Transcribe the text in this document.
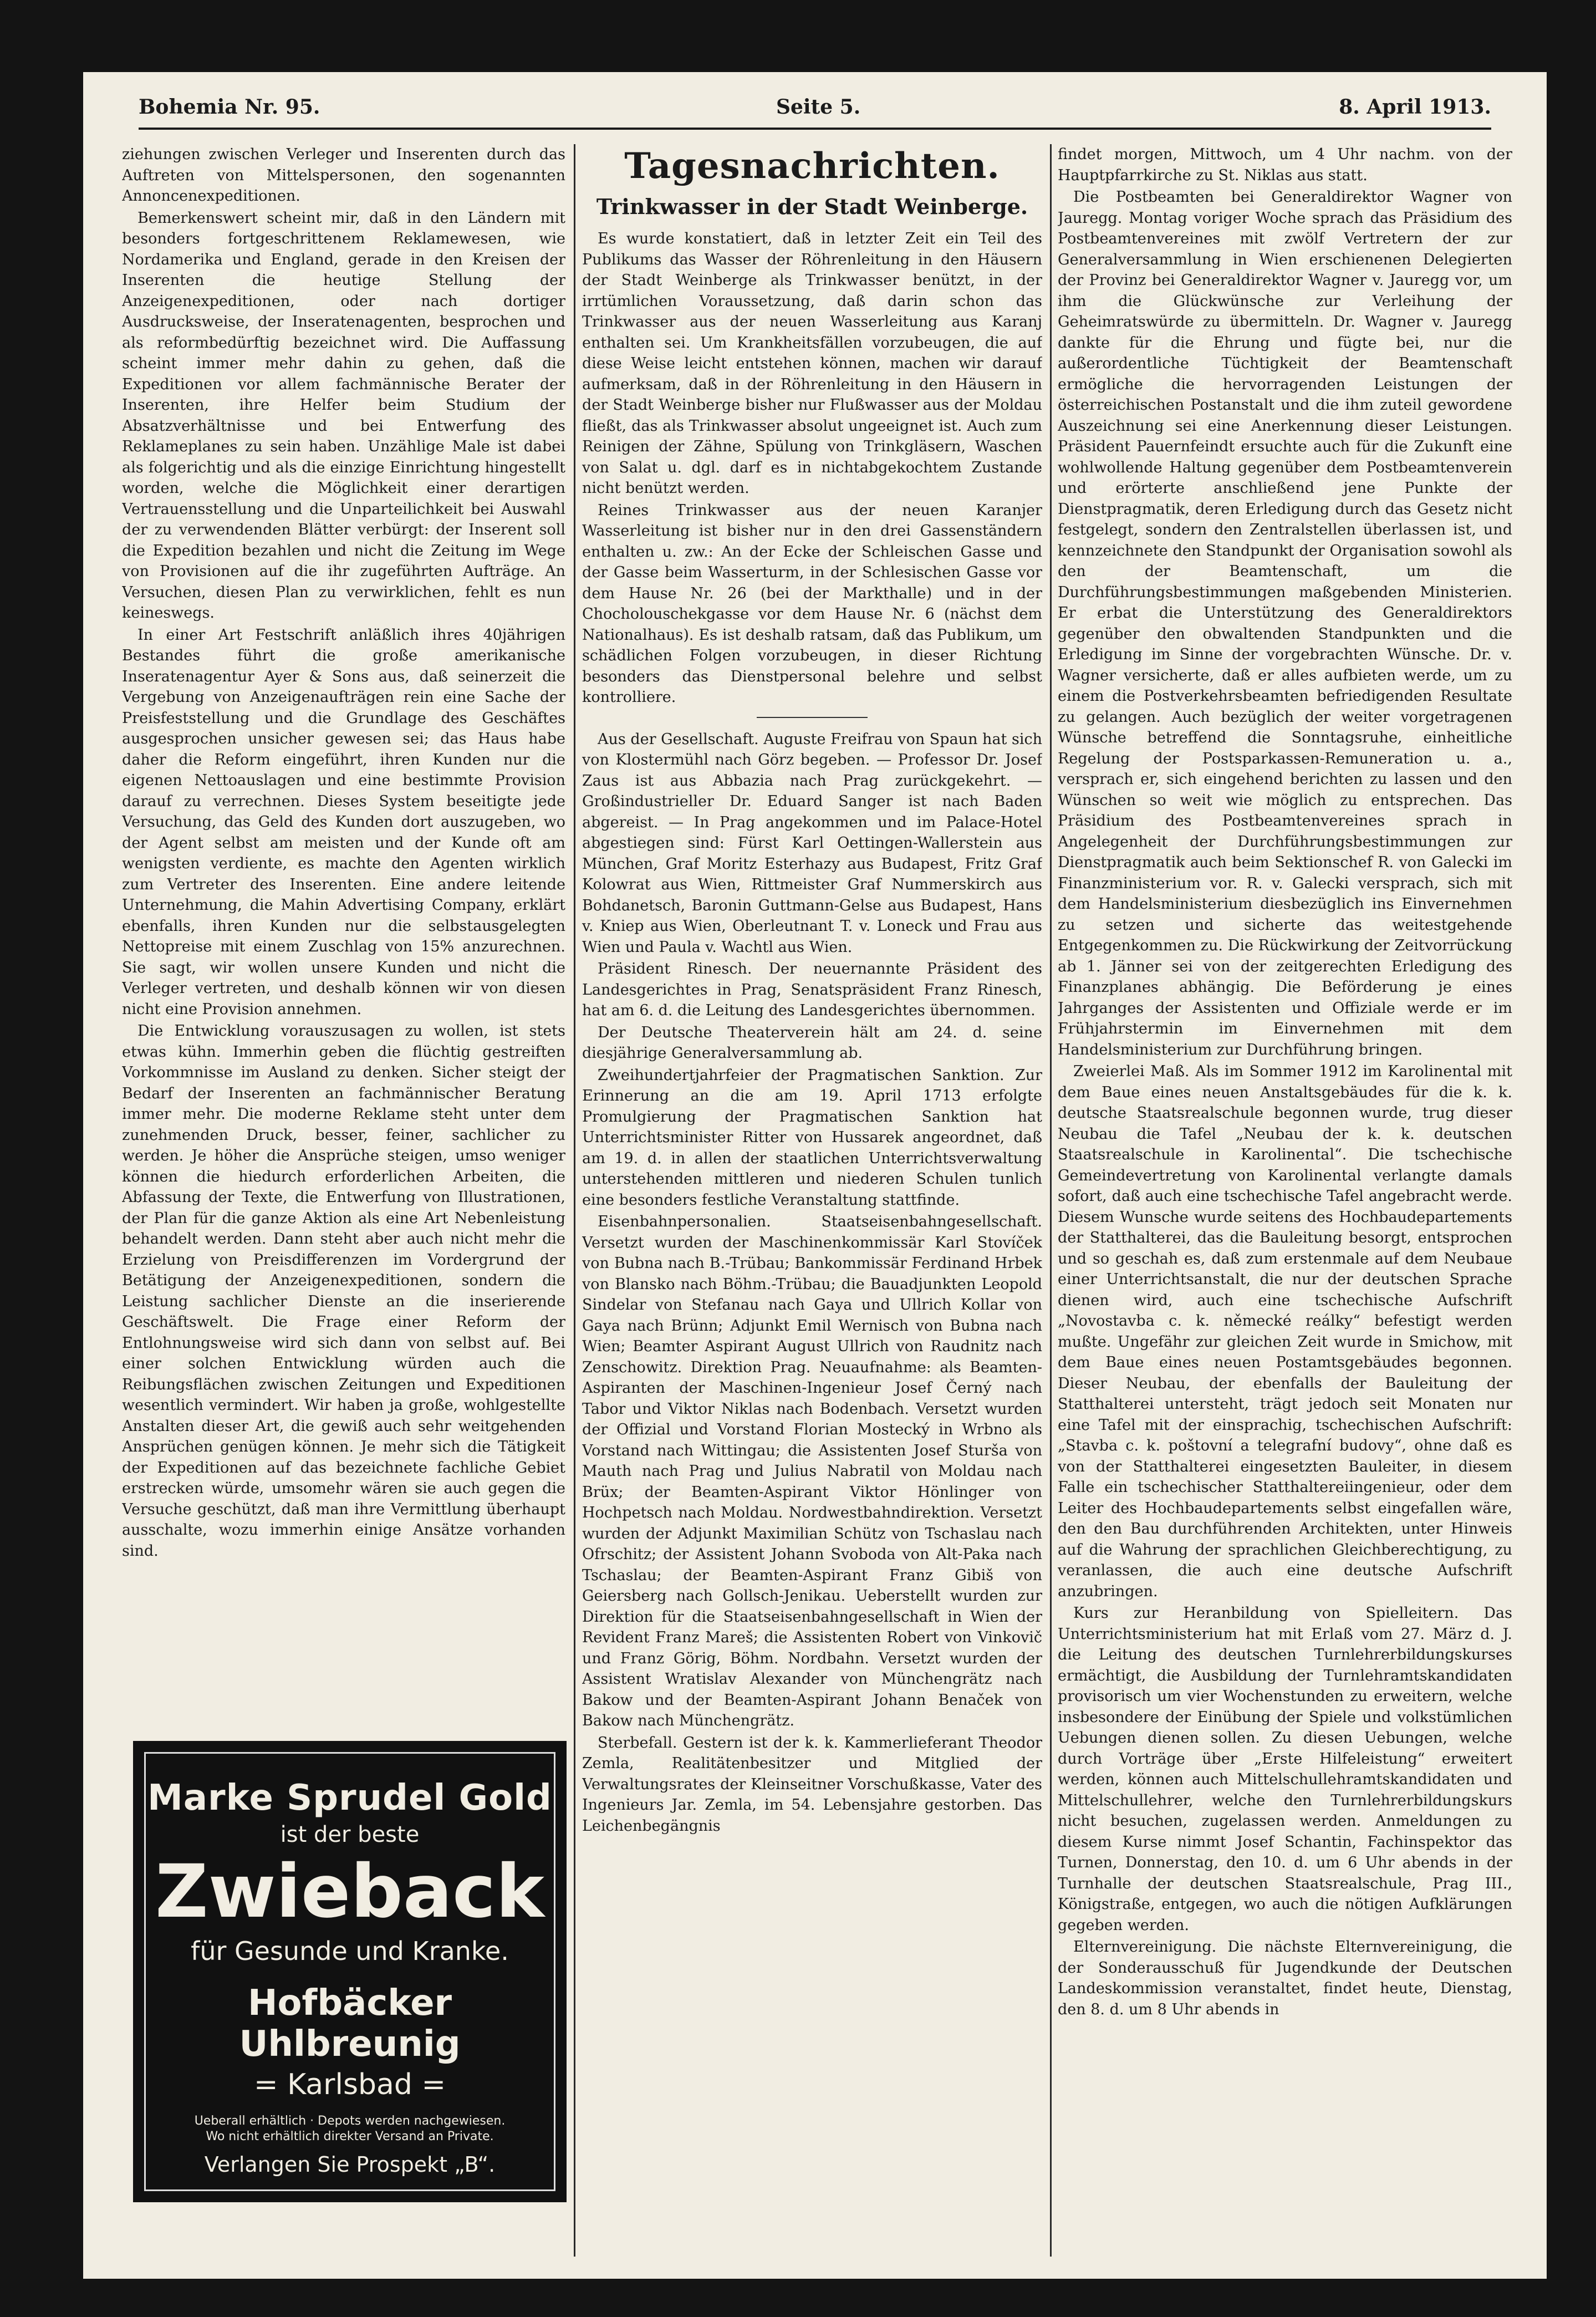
Bohemia Nr. 95.	Seite 5.	8. April 1913.

ziehungen zwischen Verleger und Inserenten durch das Auftreten von Mittelspersonen, den sogenannten Annoncenexpeditionen.

Bemerkenswert scheint mir, daß in den Ländern mit besonders fortgeschrittenem Reklamewesen, wie Nordamerika und England, gerade in den Kreisen der Inserenten die heutige Stellung der Anzeigenexpeditionen, oder nach dortiger Ausdrucksweise, der Inseratenagenten, besprochen und als reformbedürftig bezeichnet wird. Die Auffassung scheint immer mehr dahin zu gehen, daß die Expeditionen vor allem fachmännische Berater der Inserenten, ihre Helfer beim Studium der Absatzverhältnisse und bei Entwerfung des Reklameplanes zu sein haben. Unzählige Male ist dabei als folgerichtig und als die einzige Einrichtung hingestellt worden, welche die Möglichkeit einer derartigen Vertrauensstellung und die Unparteilichkeit bei Auswahl der zu verwendenden Blätter verbürgt: der Inserent soll die Expedition bezahlen und nicht die Zeitung im Wege von Provisionen auf die ihr zugeführten Aufträge. An Versuchen, diesen Plan zu verwirklichen, fehlt es nun keineswegs.

In einer Art Festschrift anläßlich ihres 40jährigen Bestandes führt die große amerikanische Inseratenagentur Ayer & Sons aus, daß seinerzeit die Vergebung von Anzeigenaufträgen rein eine Sache der Preisfeststellung und die Grundlage des Geschäftes ausgesprochen unsicher gewesen sei; das Haus habe daher die Reform eingeführt, ihren Kunden nur die eigenen Nettoauslagen und eine bestimmte Provision darauf zu verrechnen. Dieses System beseitigte jede Versuchung, das Geld des Kunden dort auszugeben, wo der Agent selbst am meisten und der Kunde oft am wenigsten verdiente, es machte den Agenten wirklich zum Vertreter des Inserenten. Eine andere leitende Unternehmung, die Mahin Advertising Company, erklärt ebenfalls, ihren Kunden nur die selbstausgelegten Nettopreise mit einem Zuschlag von 15% anzurechnen. Sie sagt, wir wollen unsere Kunden und nicht die Verleger vertreten, und deshalb können wir von diesen nicht eine Provision annehmen.

Die Entwicklung vorauszusagen zu wollen, ist stets etwas kühn. Immerhin geben die flüchtig gestreiften Vorkommnisse im Ausland zu denken. Sicher steigt der Bedarf der Inserenten an fachmännischer Beratung immer mehr. Die moderne Reklame steht unter dem zunehmenden Druck, besser, feiner, sachlicher zu werden. Je höher die Ansprüche steigen, umso weniger können die hiedurch erforderlichen Arbeiten, die Abfassung der Texte, die Entwerfung von Illustrationen, der Plan für die ganze Aktion als eine Art Nebenleistung behandelt werden. Dann steht aber auch nicht mehr die Erzielung von Preisdifferenzen im Vordergrund der Betätigung der Anzeigenexpeditionen, sondern die Leistung sachlicher Dienste an die inserierende Geschäftswelt. Die Frage einer Reform der Entlohnungsweise wird sich dann von selbst auf. Bei einer solchen Entwicklung würden auch die Reibungsflächen zwischen Zeitungen und Expeditionen wesentlich vermindert. Wir haben ja große, wohlgestellte Anstalten dieser Art, die gewiß auch sehr weitgehenden Ansprüchen genügen können. Je mehr sich die Tätigkeit der Expeditionen auf das bezeichnete fachliche Gebiet erstrecken würde, umsomehr wären sie auch gegen die Versuche geschützt, daß man ihre Vermittlung überhaupt ausschalte, wozu immerhin einige Ansätze vorhanden sind.

Marke Sprudel Gold
ist der beste
Zwieback
für Gesunde und Kranke.
Hofbäcker Uhlbreunig
= Karlsbad =
Ueberall erhältlich · Depots werden nachgewiesen.
Wo nicht erhältlich direkter Versand an Private.
Verlangen Sie Prospekt „B“.
Tagesnachrichten.
Trinkwasser in der Stadt Weinberge.

Es wurde konstatiert, daß in letzter Zeit ein Teil des Publikums das Wasser der Röhrenleitung in den Häusern der Stadt Weinberge als Trinkwasser benützt, in der irrtümlichen Voraussetzung, daß darin schon das Trinkwasser aus der neuen Wasserleitung aus Karanj enthalten sei. Um Krankheitsfällen vorzubeugen, die auf diese Weise leicht entstehen können, machen wir darauf aufmerksam, daß in der Röhrenleitung in den Häusern in der Stadt Weinberge bisher nur Flußwasser aus der Moldau fließt, das als Trinkwasser absolut ungeeignet ist. Auch zum Reinigen der Zähne, Spülung von Trinkgläsern, Waschen von Salat u. dgl. darf es in nichtabgekochtem Zustande nicht benützt werden.

Reines Trinkwasser aus der neuen Karanjer Wasserleitung ist bisher nur in den drei Gassenständern enthalten u. zw.: An der Ecke der Schleischen Gasse und der Gasse beim Wasserturm, in der Schlesischen Gasse vor dem Hause Nr. 26 (bei der Markthalle) und in der Chocholouschekgasse vor dem Hause Nr. 6 (nächst dem Nationalhaus). Es ist deshalb ratsam, daß das Publikum, um schädlichen Folgen vorzubeugen, in dieser Richtung besonders das Dienstpersonal belehre und selbst kontrolliere.

Aus der Gesellschaft. Auguste Freifrau von Spaun hat sich von Klostermühl nach Görz begeben. — Professor Dr. Josef Zaus ist aus Abbazia nach Prag zurückgekehrt. — Großindustrieller Dr. Eduard Sanger ist nach Baden abgereist. — In Prag angekommen und im Palace-Hotel abgestiegen sind: Fürst Karl Oettingen-Wallerstein aus München, Graf Moritz Esterhazy aus Budapest, Fritz Graf Kolowrat aus Wien, Rittmeister Graf Nummerskirch aus Bohdanetsch, Baronin Guttmann-Gelse aus Budapest, Hans v. Kniep aus Wien, Oberleutnant T. v. Loneck und Frau aus Wien und Paula v. Wachtl aus Wien.

Präsident Rinesch. Der neuernannte Präsident des Landesgerichtes in Prag, Senatspräsident Franz Rinesch, hat am 6. d. die Leitung des Landesgerichtes übernommen.

Der Deutsche Theaterverein hält am 24. d. seine diesjährige Generalversammlung ab.

Zweihundertjahrfeier der Pragmatischen Sanktion. Zur Erinnerung an die am 19. April 1713 erfolgte Promulgierung der Pragmatischen Sanktion hat Unterrichtsminister Ritter von Hussarek angeordnet, daß am 19. d. in allen der staatlichen Unterrichtsverwaltung unterstehenden mittleren und niederen Schulen tunlich eine besonders festliche Veranstaltung stattfinde.

Eisenbahnpersonalien. Staatseisenbahngesellschaft. Versetzt wurden der Maschinenkommissär Karl Stovíček von Bubna nach B.-Trübau; Bankommissär Ferdinand Hrbek von Blansko nach Böhm.-Trübau; die Bauadjunkten Leopold Sindelar von Stefanau nach Gaya und Ullrich Kollar von Gaya nach Brünn; Adjunkt Emil Wernisch von Bubna nach Wien; Beamter Aspirant August Ullrich von Raudnitz nach Zenschowitz. Direktion Prag. Neuaufnahme: als Beamten-Aspiranten der Maschinen-Ingenieur Josef Černý nach Tabor und Viktor Niklas nach Bodenbach. Versetzt wurden der Offizial und Vorstand Florian Mostecký in Wrbno als Vorstand nach Wittingau; die Assistenten Josef Sturša von Mauth nach Prag und Julius Nabratil von Moldau nach Brüx; der Beamten-Aspirant Viktor Hönlinger von Hochpetsch nach Moldau. Nordwestbahndirektion. Versetzt wurden der Adjunkt Maximilian Schütz von Tschaslau nach Ofrschitz; der Assistent Johann Svoboda von Alt-Paka nach Tschaslau; der Beamten-Aspirant Franz Gibiš von Geiersberg nach Gollsch-Jenikau. Ueberstellt wurden zur Direktion für die Staatseisenbahngesellschaft in Wien der Revident Franz Mareš; die Assistenten Robert von Vinkovič und Franz Görig, Böhm. Nordbahn. Versetzt wurden der Assistent Wratislav Alexander von Münchengrätz nach Bakow und der Beamten-Aspirant Johann Benaček von Bakow nach Münchengrätz.

Sterbefall. Gestern ist der k. k. Kammerlieferant Theodor Zemla, Realitätenbesitzer und Mitglied der Verwaltungsrates der Kleinseitner Vorschußkasse, Vater des Ingenieurs Jar. Zemla, im 54. Lebensjahre gestorben. Das Leichenbegängnis

findet morgen, Mittwoch, um 4 Uhr nachm. von der Hauptpfarrkirche zu St. Niklas aus statt.

Die Postbeamten bei Generaldirektor Wagner von Jauregg. Montag voriger Woche sprach das Präsidium des Postbeamtenvereines mit zwölf Vertretern der zur Generalversammlung in Wien erschienenen Delegierten der Provinz bei Generaldirektor Wagner v. Jauregg vor, um ihm die Glückwünsche zur Verleihung der Geheimratswürde zu übermitteln. Dr. Wagner v. Jauregg dankte für die Ehrung und fügte bei, nur die außerordentliche Tüchtigkeit der Beamtenschaft ermögliche die hervorragenden Leistungen der österreichischen Postanstalt und die ihm zuteil gewordene Auszeichnung sei eine Anerkennung dieser Leistungen. Präsident Pauernfeindt ersuchte auch für die Zukunft eine wohlwollende Haltung gegenüber dem Postbeamtenverein und erörterte anschließend jene Punkte der Dienstpragmatik, deren Erledigung durch das Gesetz nicht festgelegt, sondern den Zentralstellen überlassen ist, und kennzeichnete den Standpunkt der Organisation sowohl als den der Beamtenschaft, um die Durchführungsbestimmungen maßgebenden Ministerien. Er erbat die Unterstützung des Generaldirektors gegenüber den obwaltenden Standpunkten und die Erledigung im Sinne der vorgebrachten Wünsche. Dr. v. Wagner versicherte, daß er alles aufbieten werde, um zu einem die Postverkehrsbeamten befriedigenden Resultate zu gelangen. Auch bezüglich der weiter vorgetragenen Wünsche betreffend die Sonntagsruhe, einheitliche Regelung der Postsparkassen-Remuneration u. a., versprach er, sich eingehend berichten zu lassen und den Wünschen so weit wie möglich zu entsprechen. Das Präsidium des Postbeamtenvereines sprach in Angelegenheit der Durchführungsbestimmungen zur Dienstpragmatik auch beim Sektionschef R. von Galecki im Finanzministerium vor. R. v. Galecki versprach, sich mit dem Handelsministerium diesbezüglich ins Einvernehmen zu setzen und sicherte das weitestgehende Entgegenkommen zu. Die Rückwirkung der Zeitvorrückung ab 1. Jänner sei von der zeitgerechten Erledigung des Finanzplanes abhängig. Die Beförderung je eines Jahrganges der Assistenten und Offiziale werde er im Frühjahrstermin im Einvernehmen mit dem Handelsministerium zur Durchführung bringen.

Zweierlei Maß. Als im Sommer 1912 im Karolinental mit dem Baue eines neuen Anstaltsgebäudes für die k. k. deutsche Staatsrealschule begonnen wurde, trug dieser Neubau die Tafel „Neubau der k. k. deutschen Staatsrealschule in Karolinental“. Die tschechische Gemeindevertretung von Karolinental verlangte damals sofort, daß auch eine tschechische Tafel angebracht werde. Diesem Wunsche wurde seitens des Hochbaudepartements der Statthalterei, das die Bauleitung besorgt, entsprochen und so geschah es, daß zum erstenmale auf dem Neubaue einer Unterrichtsanstalt, die nur der deutschen Sprache dienen wird, auch eine tschechische Aufschrift „Novostavba c. k. německé reálky“ befestigt werden mußte. Ungefähr zur gleichen Zeit wurde in Smichow, mit dem Baue eines neuen Postamtsgebäudes begonnen. Dieser Neubau, der ebenfalls der Bauleitung der Statthalterei untersteht, trägt jedoch seit Monaten nur eine Tafel mit der einsprachig, tschechischen Aufschrift: „Stavba c. k. poštovní a telegrafní budovy“, ohne daß es von der Statthalterei eingesetzten Bauleiter, in diesem Falle ein tschechischer Statthaltereiingenieur, oder dem Leiter des Hochbaudepartements selbst eingefallen wäre, den den Bau durchführenden Architekten, unter Hinweis auf die Wahrung der sprachlichen Gleichberechtigung, zu veranlassen, die auch eine deutsche Aufschrift anzubringen.

Kurs zur Heranbildung von Spielleitern. Das Unterrichtsministerium hat mit Erlaß vom 27. März d. J. die Leitung des deutschen Turnlehrerbildungskurses ermächtigt, die Ausbildung der Turnlehramtskandidaten provisorisch um vier Wochenstunden zu erweitern, welche insbesondere der Einübung der Spiele und volkstümlichen Uebungen dienen sollen. Zu diesen Uebungen, welche durch Vorträge über „Erste Hilfeleistung“ erweitert werden, können auch Mittelschullehramtskandidaten und Mittelschullehrer, welche den Turnlehrerbildungskurs nicht besuchen, zugelassen werden. Anmeldungen zu diesem Kurse nimmt Josef Schantin, Fachinspektor das Turnen, Donnerstag, den 10. d. um 6 Uhr abends in der Turnhalle der deutschen Staatsrealschule, Prag III., Königstraße, entgegen, wo auch die nötigen Aufklärungen gegeben werden.

Elternvereinigung. Die nächste Elternvereinigung, die der Sonderausschuß für Jugendkunde der Deutschen Landeskommission veranstaltet, findet heute, Dienstag, den 8. d. um 8 Uhr abends in
